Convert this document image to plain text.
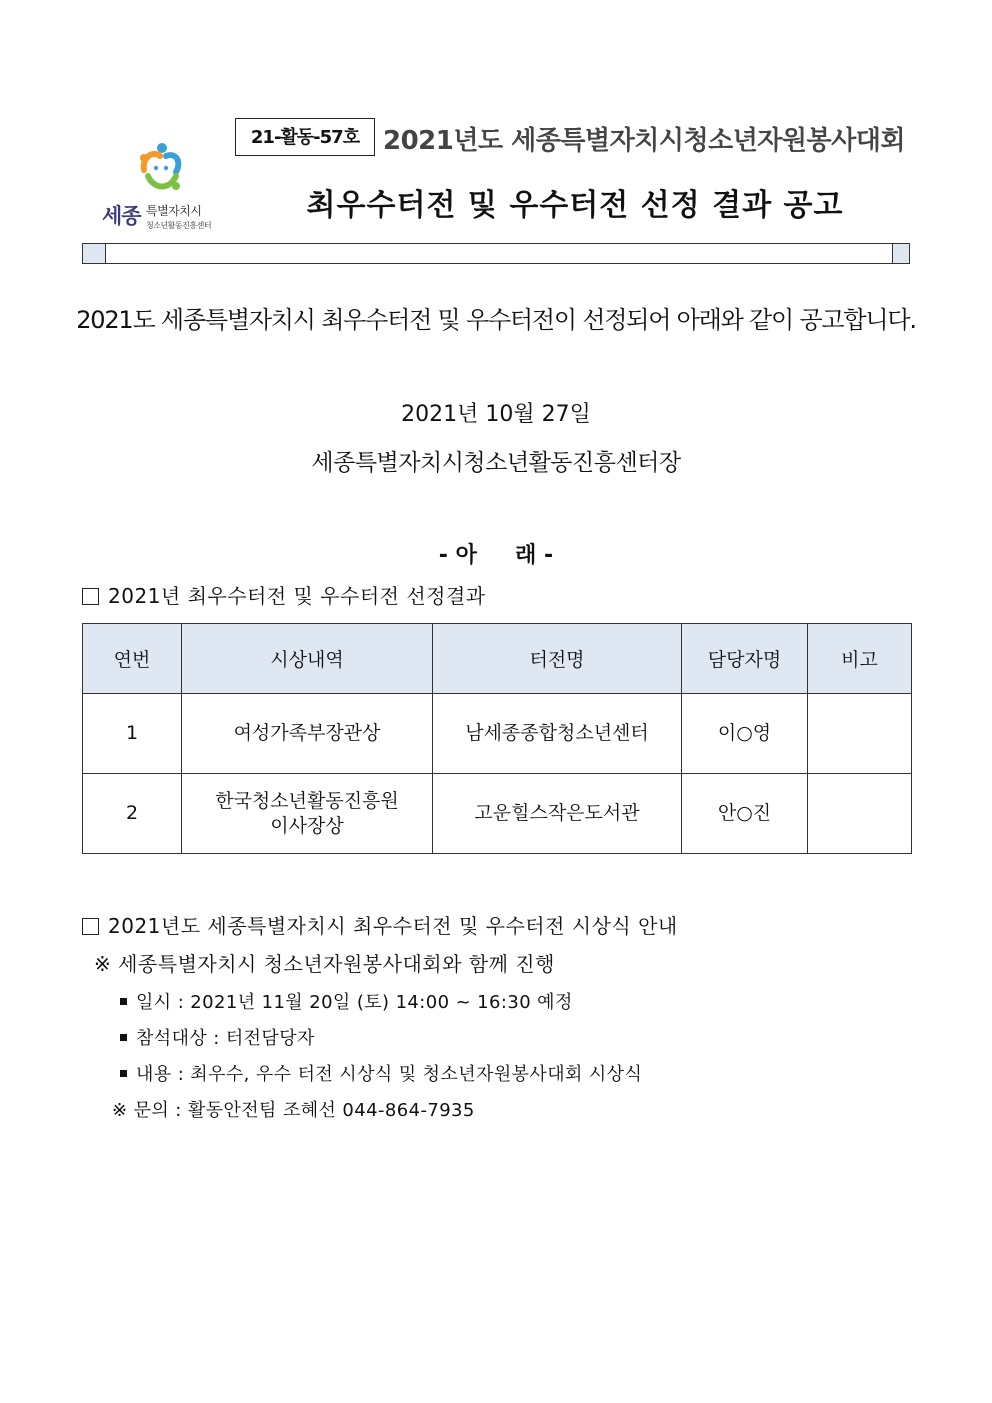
세종 특별자치시
청소년활동진흥센터
21-활동-57호 2021년도 세종특별자치시청소년자원봉사대회
최우수터전 및 우수터전 선정 결과 공고
2021도 세종특별자치시 최우수터전 및 우수터전이 선정되어 아래와 같이 공고합니다.
2021년 10월 27일
세종특별자치시청소년활동진흥센터장
- 아     래 -
2021년 최우수터전 및 우수터전 선정결과
연번	시상내역	터전명	담당자명	비고
1	여성가족부장관상	남세종종합청소년센터	이○영	
2	한국청소년활동진흥원
이사장상	고운힐스작은도서관	안○진	
2021년도 세종특별자치시 최우수터전 및 우수터전 시상식 안내
※ 세종특별자치시 청소년자원봉사대회와 함께 진행
일시 : 2021년 11월 20일 (토) 14:00 ~ 16:30 예정
참석대상 : 터전담당자
내용 : 최우수, 우수 터전 시상식 및 청소년자원봉사대회 시상식
※ 문의 : 활동안전팀 조혜선 044-864-7935
